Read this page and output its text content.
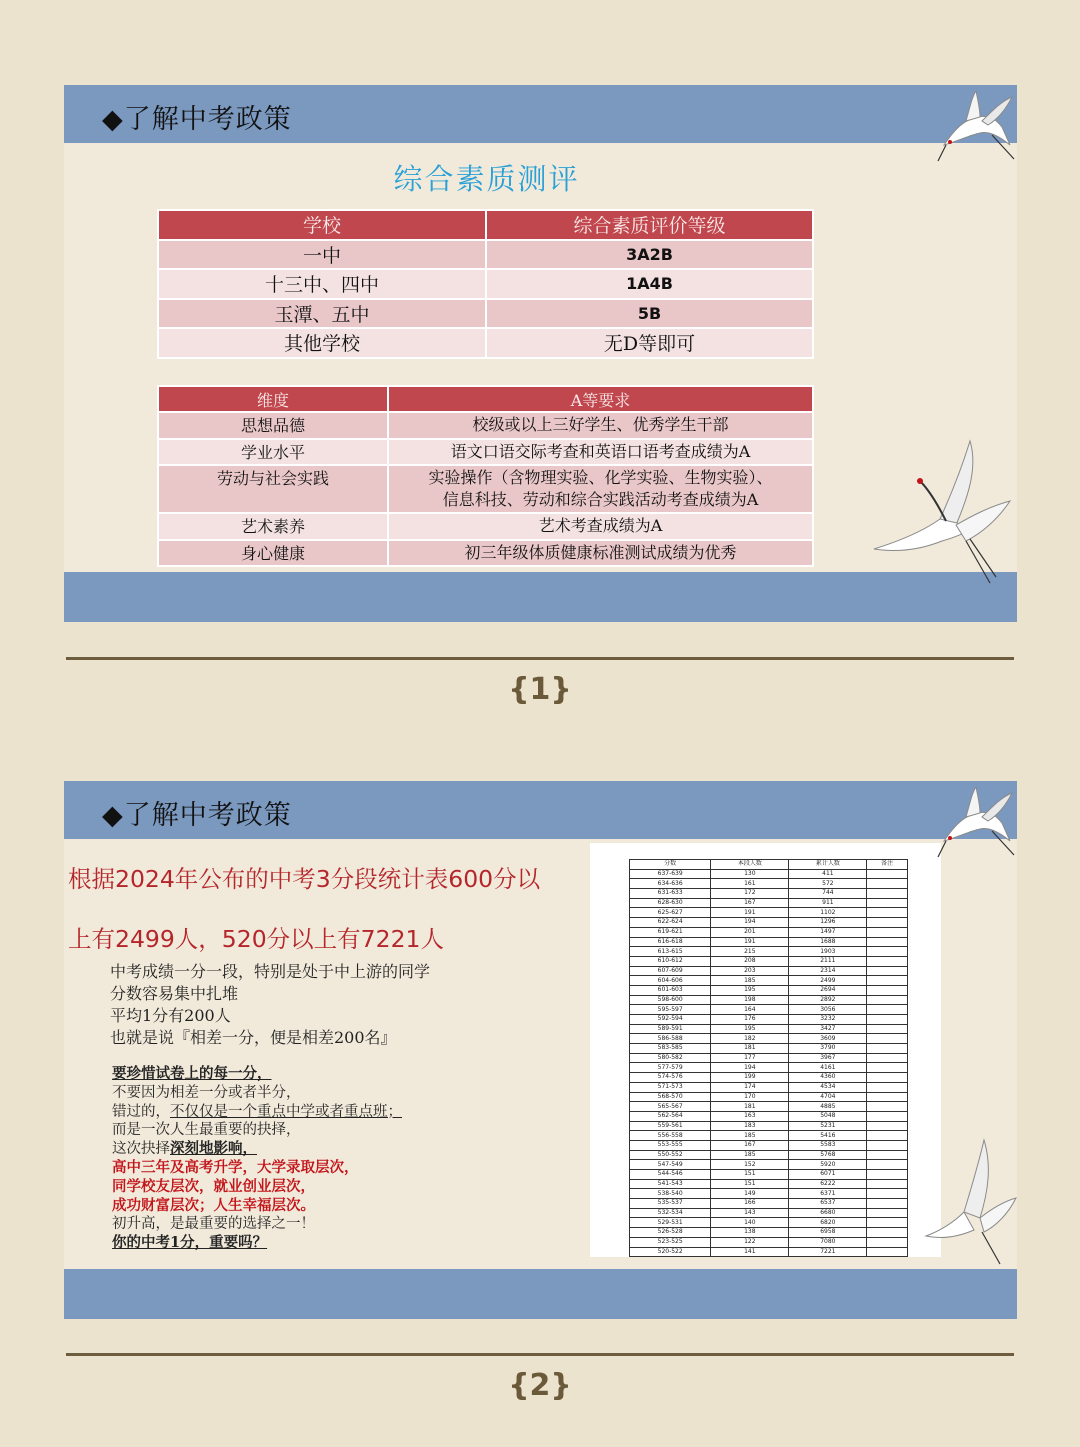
◆了解中考政策
综合素质测评
学校	综合素质评价等级
一中	3A2B
十三中、四中	1A4B
玉潭、五中	5B
其他学校	无D等即可
维度	A等要求
思想品德	校级或以上三好学生、优秀学生干部
学业水平	语文口语交际考查和英语口语考查成绩为A
劳动与社会实践	实验操作（含物理实验、化学实验、生物实验）、
信息科技、劳动和综合实践活动考查成绩为A

艺术素养	艺术考查成绩为A
身心健康	初三年级体质健康标准测试成绩为优秀
{1}
◆了解中考政策
根据2024年公布的中考3分段统计表600分以
上有2499人，520分以上有7221人
中考成绩一分一段，特别是处于中上游的同学
分数容易集中扎堆
平均1分有200人
也就是说『相差一分，便是相差200名』
要珍惜试卷上的每一分，
不要因为相差一分或者半分，
错过的，不仅仅是一个重点中学或者重点班；
而是一次人生最重要的抉择，
这次抉择深刻地影响，
高中三年及高考升学，大学录取层次，
同学校友层次，就业创业层次，
成功财富层次；人生幸福层次。
初升高，是最重要的选择之一！
你的中考1分，重要吗？
分数	本段人数	累计人数	备注
637-639	130	411	
634-636	161	572	
631-633	172	744	
628-630	167	911	
625-627	191	1102	
622-624	194	1296	
619-621	201	1497	
616-618	191	1688	
613-615	215	1903	
610-612	208	2111	
607-609	203	2314	
604-606	185	2499	
601-603	195	2694	
598-600	198	2892	
595-597	164	3056	
592-594	176	3232	
589-591	195	3427	
586-588	182	3609	
583-585	181	3790	
580-582	177	3967	
577-579	194	4161	
574-576	199	4360	
571-573	174	4534	
568-570	170	4704	
565-567	181	4885	
562-564	163	5048	
559-561	183	5231	
556-558	185	5416	
553-555	167	5583	
550-552	185	5768	
547-549	152	5920	
544-546	151	6071	
541-543	151	6222	
538-540	149	6371	
535-537	166	6537	
532-534	143	6680	
529-531	140	6820	
526-528	138	6958	
523-525	122	7080	
520-522	141	7221	
{2}
